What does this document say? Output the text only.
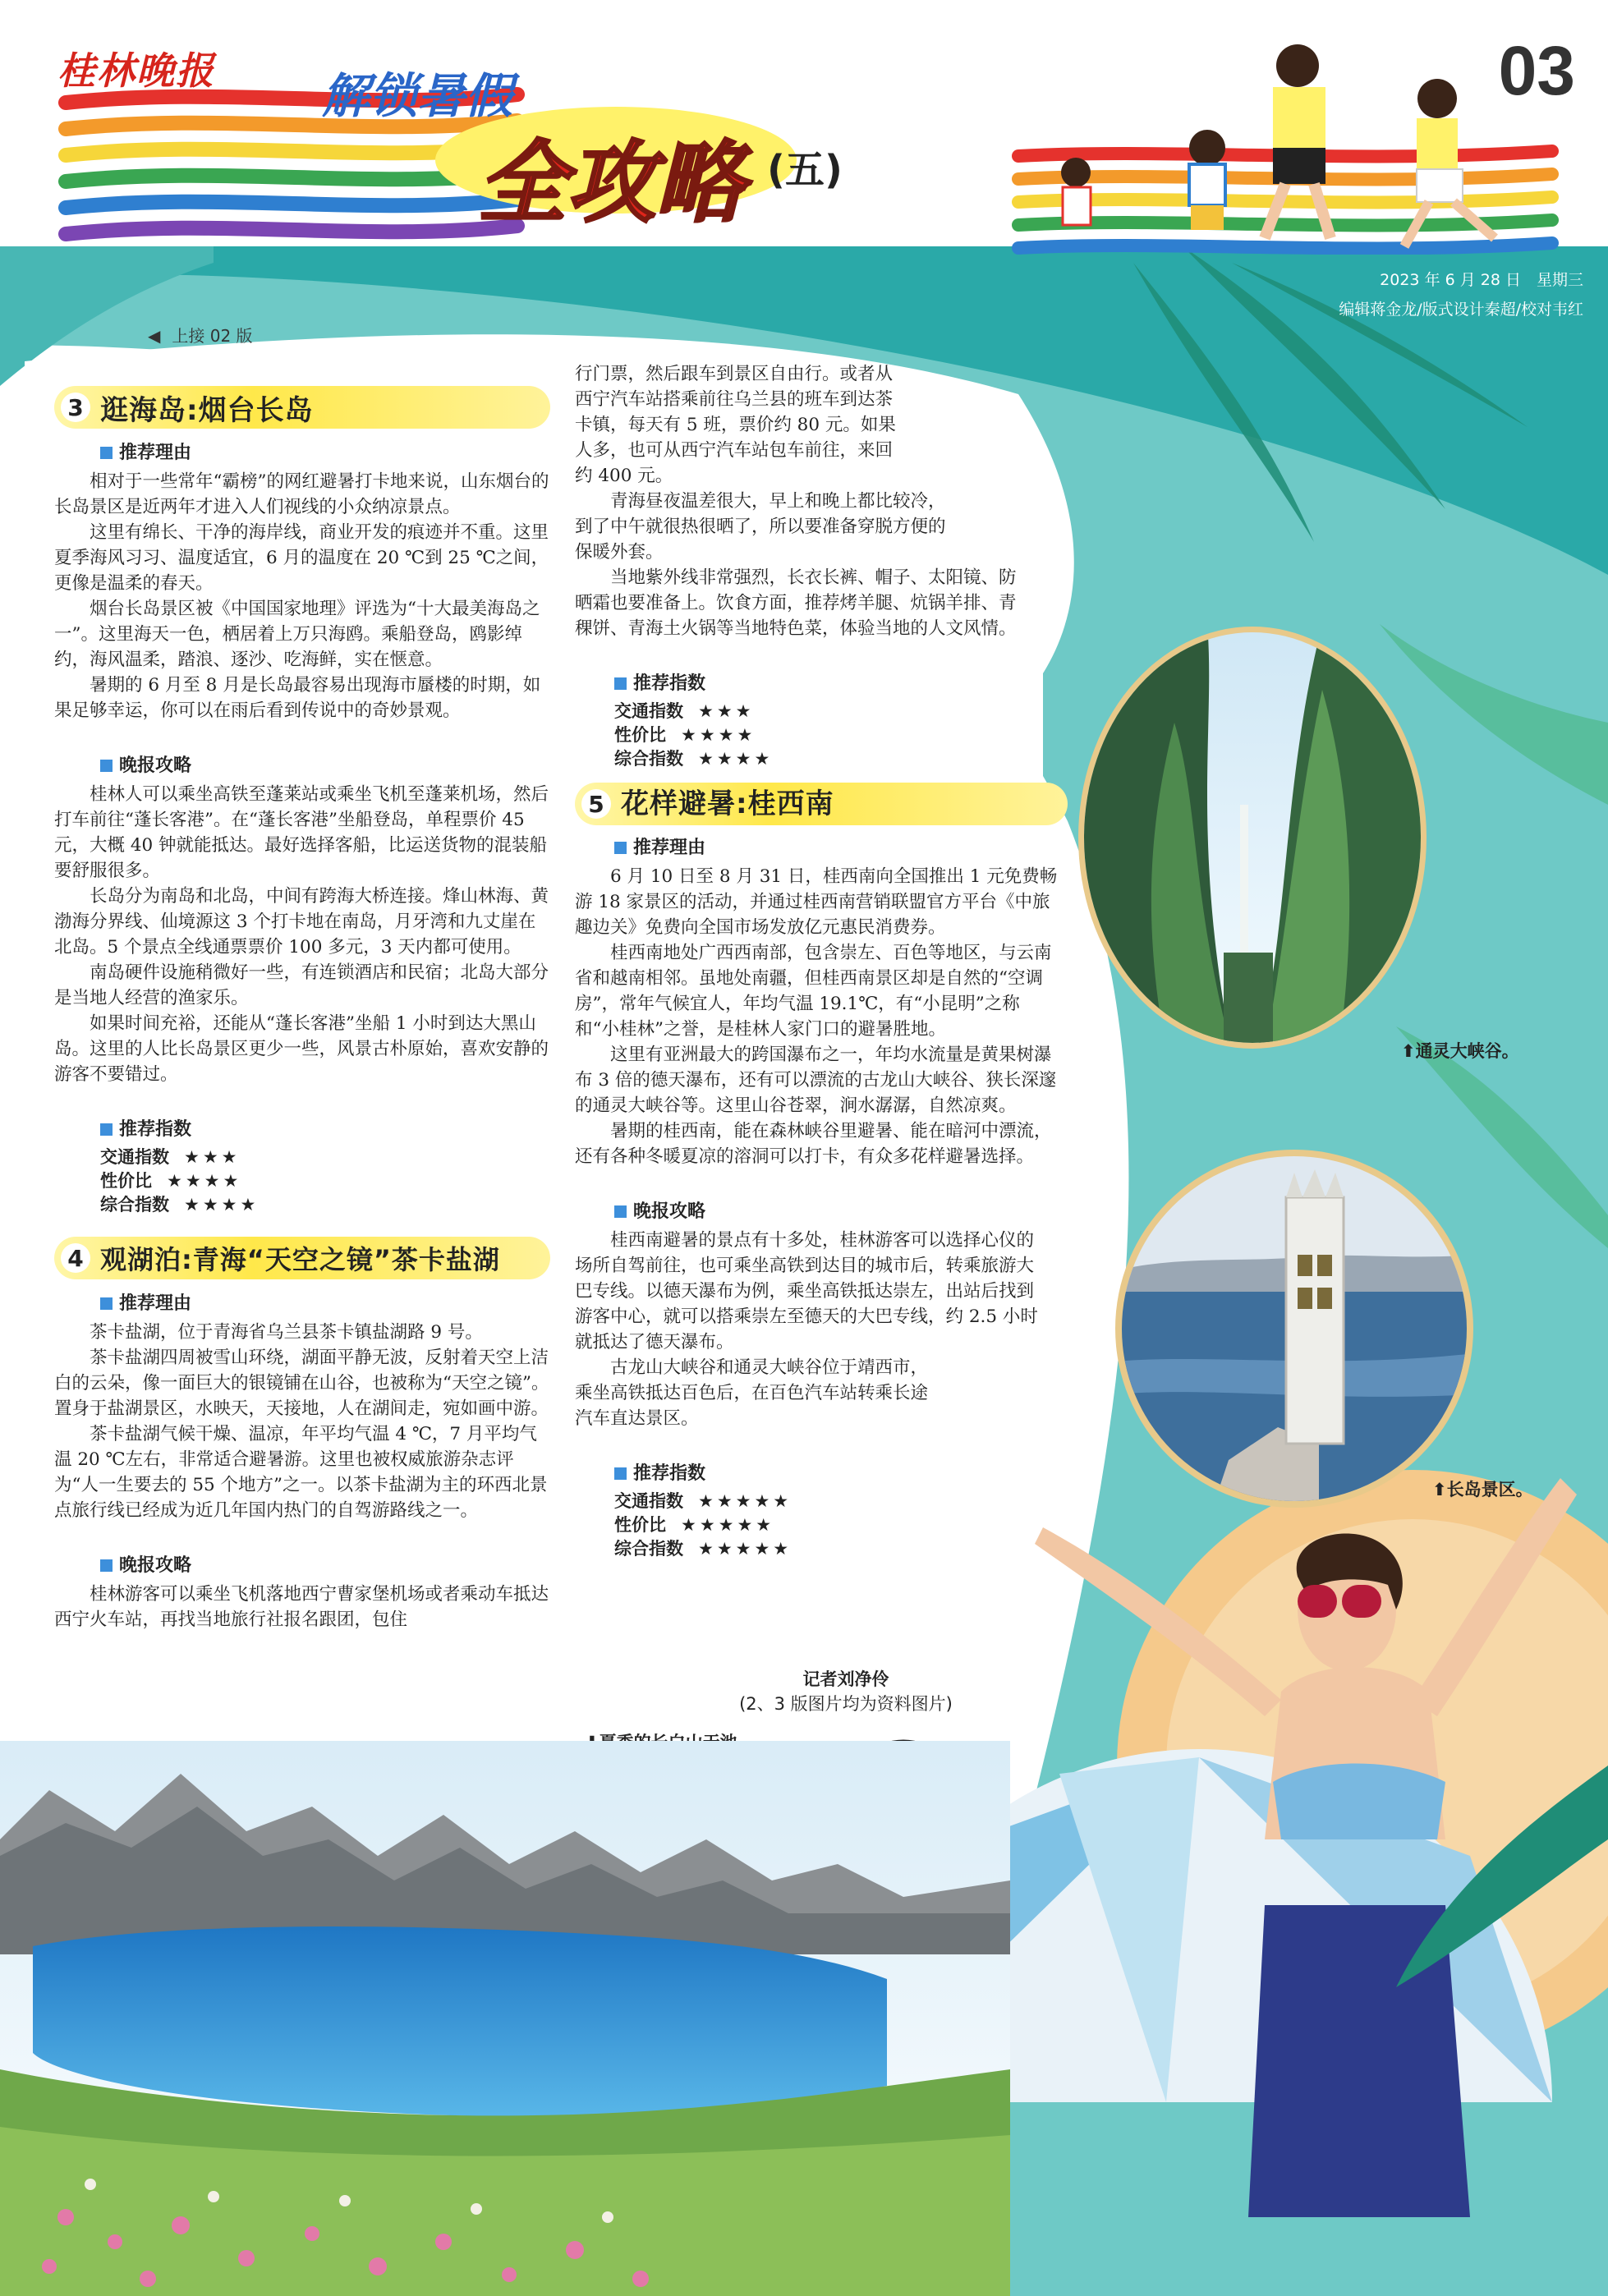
桂林晚报 解锁暑假
全攻略 (五)
03
2023 年 6 月 28 日　星期三
编辑蒋金龙/版式设计秦超/校对韦红
◀ 上接 02 版
3 逛海岛:烟台长岛
推荐理由

相对于一些常年“霸榜”的网红避暑打卡地来说，山东烟台的长岛景区是近两年才进入人们视线的小众纳凉景点。

这里有绵长、干净的海岸线，商业开发的痕迹并不重。这里夏季海风习习、温度适宜，6 月的温度在 20 ℃到 25 ℃之间，更像是温柔的春天。

烟台长岛景区被《中国国家地理》评选为“十大最美海岛之一”。这里海天一色，栖居着上万只海鸥。乘船登岛，鸥影绰约，海风温柔，踏浪、逐沙、吃海鲜，实在惬意。

暑期的 6 月至 8 月是长岛最容易出现海市蜃楼的时期，如果足够幸运，你可以在雨后看到传说中的奇妙景观。

晚报攻略

桂林人可以乘坐高铁至蓬莱站或乘坐飞机至蓬莱机场，然后打车前往“蓬长客港”。在“蓬长客港”坐船登岛，单程票价 45 元，大概 40 钟就能抵达。最好选择客船，比运送货物的混装船要舒服很多。

长岛分为南岛和北岛，中间有跨海大桥连接。烽山林海、黄渤海分界线、仙境源这 3 个打卡地在南岛，月牙湾和九丈崖在北岛。5 个景点全线通票票价 100 多元，3 天内都可使用。

南岛硬件设施稍微好一些，有连锁酒店和民宿；北岛大部分是当地人经营的渔家乐。

如果时间充裕，还能从“蓬长客港”坐船 1 小时到达大黑山岛。这里的人比长岛景区更少一些，风景古朴原始，喜欢安静的游客不要错过。

推荐指数
交通指数 ★★★
性价比 ★★★★
综合指数 ★★★★
4 观湖泊:青海“天空之镜”茶卡盐湖
推荐理由

茶卡盐湖，位于青海省乌兰县茶卡镇盐湖路 9 号。

茶卡盐湖四周被雪山环绕，湖面平静无波，反射着天空上洁白的云朵，像一面巨大的银镜铺在山谷，也被称为“天空之镜”。置身于盐湖景区，水映天，天接地，人在湖间走，宛如画中游。

茶卡盐湖气候干燥、温凉，年平均气温 4 ℃，7 月平均气温 20 ℃左右，非常适合避暑游。这里也被权威旅游杂志评为“人一生要去的 55 个地方”之一。以茶卡盐湖为主的环西北景点旅行线已经成为近几年国内热门的自驾游路线之一。

晚报攻略

桂林游客可以乘坐飞机落地西宁曹家堡机场或者乘动车抵达西宁火车站，再找当地旅行社报名跟团，包住

行门票，然后跟车到景区自由行。或者从西宁汽车站搭乘前往乌兰县的班车到达茶卡镇，每天有 5 班，票价约 80 元。如果人多，也可从西宁汽车站包车前往，来回约 400 元。

青海昼夜温差很大，早上和晚上都比较冷，到了中午就很热很晒了，所以要准备穿脱方便的保暖外套。

当地紫外线非常强烈，长衣长裤、帽子、太阳镜、防晒霜也要准备上。饮食方面，推荐烤羊腿、炕锅羊排、青稞饼、青海土火锅等当地特色菜，体验当地的人文风情。

推荐指数
交通指数 ★★★
性价比 ★★★★
综合指数 ★★★★
5 花样避暑:桂西南
推荐理由

6 月 10 日至 8 月 31 日，桂西南向全国推出 1 元免费畅游 18 家景区的活动，并通过桂西南营销联盟官方平台《中旅趣边关》免费向全国市场发放亿元惠民消费券。

桂西南地处广西西南部，包含崇左、百色等地区，与云南省和越南相邻。虽地处南疆，但桂西南景区却是自然的“空调房”，常年气候宜人，年均气温 19.1℃，有“小昆明”之称和“小桂林”之誉，是桂林人家门口的避暑胜地。

这里有亚洲最大的跨国瀑布之一，年均水流量是黄果树瀑布 3 倍的德天瀑布，还有可以漂流的古龙山大峡谷、狭长深邃的通灵大峡谷等。这里山谷苍翠，涧水潺潺，自然凉爽。

暑期的桂西南，能在森林峡谷里避暑、能在暗河中漂流，还有各种冬暖夏凉的溶洞可以打卡，有众多花样避暑选择。

晚报攻略

桂西南避暑的景点有十多处，桂林游客可以选择心仪的场所自驾前往，也可乘坐高铁到达目的城市后，转乘旅游大巴专线。以德天瀑布为例，乘坐高铁抵达崇左，出站后找到游客中心，就可以搭乘崇左至德天的大巴专线，约 2.5 小时就抵达了德天瀑布。

古龙山大峡谷和通灵大峡谷位于靖西市，乘坐高铁抵达百色后，在百色汽车站转乘长途汽车直达景区。

推荐指数
交通指数 ★★★★★
性价比 ★★★★★
综合指数 ★★★★★
记者刘净伶
(2、3 版图片均为资料图片)
⬆通灵大峡谷。
⬆长岛景区。
